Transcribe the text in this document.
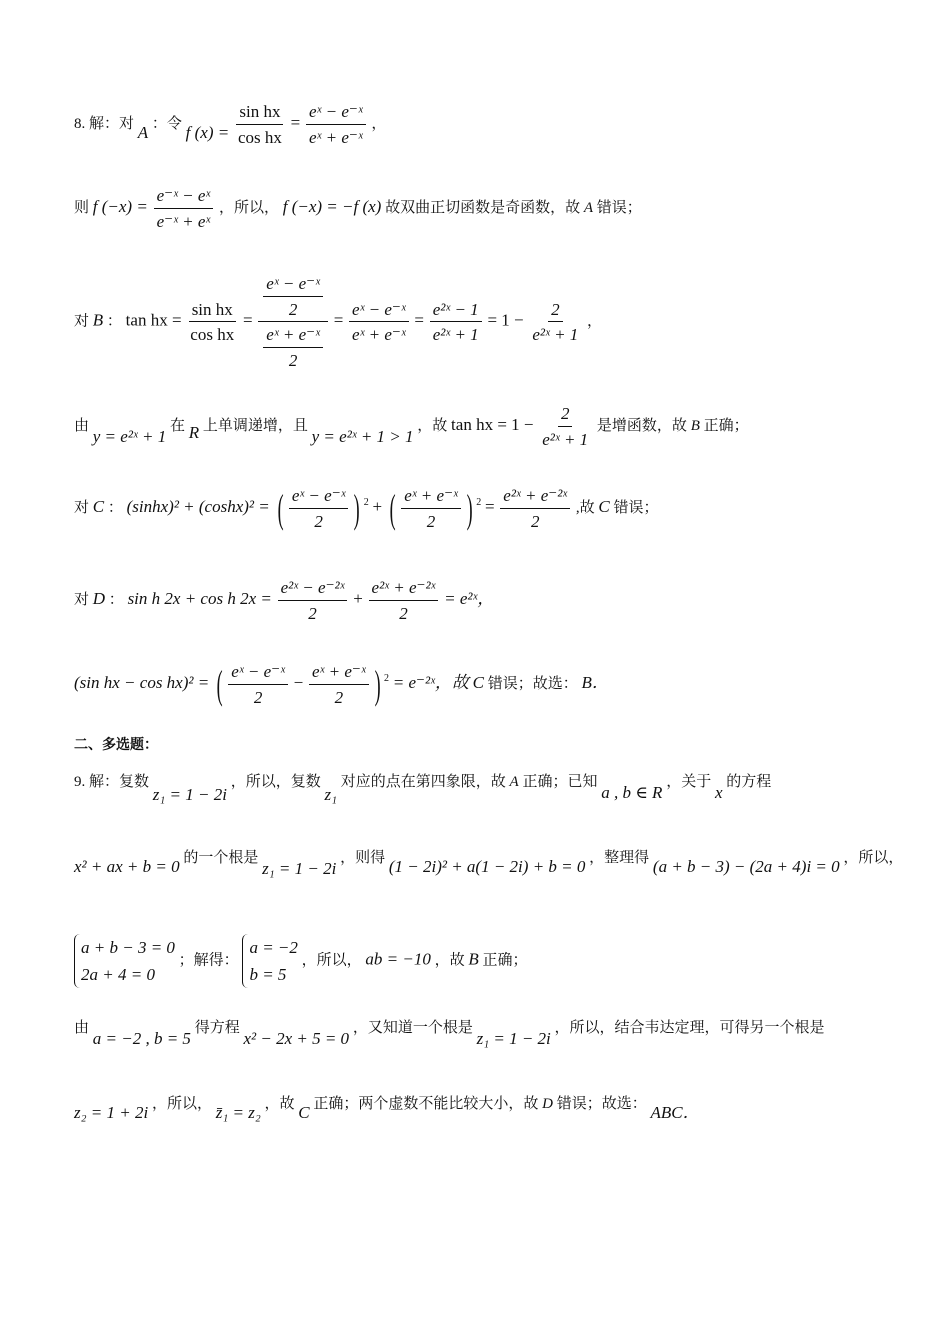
8. 解：对 A ：令 f $(x) = \frac{\text{sin hx}}{\text{cos hx}} = \frac{\text{eˣ − e⁻ˣ}}{\text{eˣ + e⁻ˣ}}$ ，
则 f $(-x) = \frac{\text{e⁻ˣ − eˣ}}{\text{e⁻ˣ + eˣ}}$ ，所以， f (−x) = −f (x) 故双曲正切函数是奇函数，故 A 错误；
对 B ： tan hx = $\frac{\text{sin hx}}{\text{cos hx}} = \frac{\frac{\text{eˣ − e⁻ˣ}}{2}}{\frac{\text{eˣ + e⁻ˣ}}{2}} = \frac{\text{eˣ − e⁻ˣ}}{\text{eˣ + e⁻ˣ}} = \frac{\text{e²ˣ − 1}}{\text{e²ˣ + 1}} = 1 - \frac{2}{\text{e²ˣ + 1}}$ ，
由 y = e²ˣ + 1 在 R 上单调递增，且 y = e²ˣ + 1 > 1 ，故 tan hx = $1 - \frac{2}{\text{e²ˣ + 1}}$ 是增函数，故 B 正确；
对 C ： (sinhx)² + (coshx)² = ( $\frac{\text{eˣ − e⁻ˣ}}{2}$ ) $^2$ + ( $\frac{\text{eˣ + e⁻ˣ}}{2}$ ) $^2 = \frac{\text{e²ˣ + e⁻²ˣ}}{2}$ ,故 C 错误；
对 D ： sin h 2x + cos h $2x = \frac{\text{e²ˣ − e⁻²ˣ}}{2} + \frac{\text{e²ˣ + e⁻²ˣ}}{2}$ = e²ˣ，
(sin hx − cos hx)² = ( $\frac{\text{eˣ − e⁻ˣ}}{2} - \frac{\text{eˣ + e⁻ˣ}}{2}$ ) $^2$ = e⁻²ˣ，故 C 错误；故选： B．
二、多选题：
9. 解：复数 z₁ = 1 − 2i ，所以，复数 z₁ 对应的点在第四象限，故 A 正确；已知 a , b ∈ R ，关于 x 的方程
x² + ax + b = 0 的一个根是 z₁ = 1 − 2i ，则得 (1 − 2i)² + a(1 − 2i) + b = 0 ，整理得 (a + b − 3) − (2a + 4)i = 0 ，所以，
a + b − 3 = 0
2a + 4 = 0
；解得：
a = −2
b = 5
，所以， ab = −10 ，故 B 正确；
由 a = −2 , b = 5 得方程 x² − 2x + 5 = 0 ，又知道一个根是 z₁ = 1 − 2i ，所以，结合韦达定理，可得另一个根是
z₂ = 1 + 2i ，所以， z̄₁ = z₂ ，故 C 正确；两个虚数不能比较大小，故 D 错误；故选： ABC．
